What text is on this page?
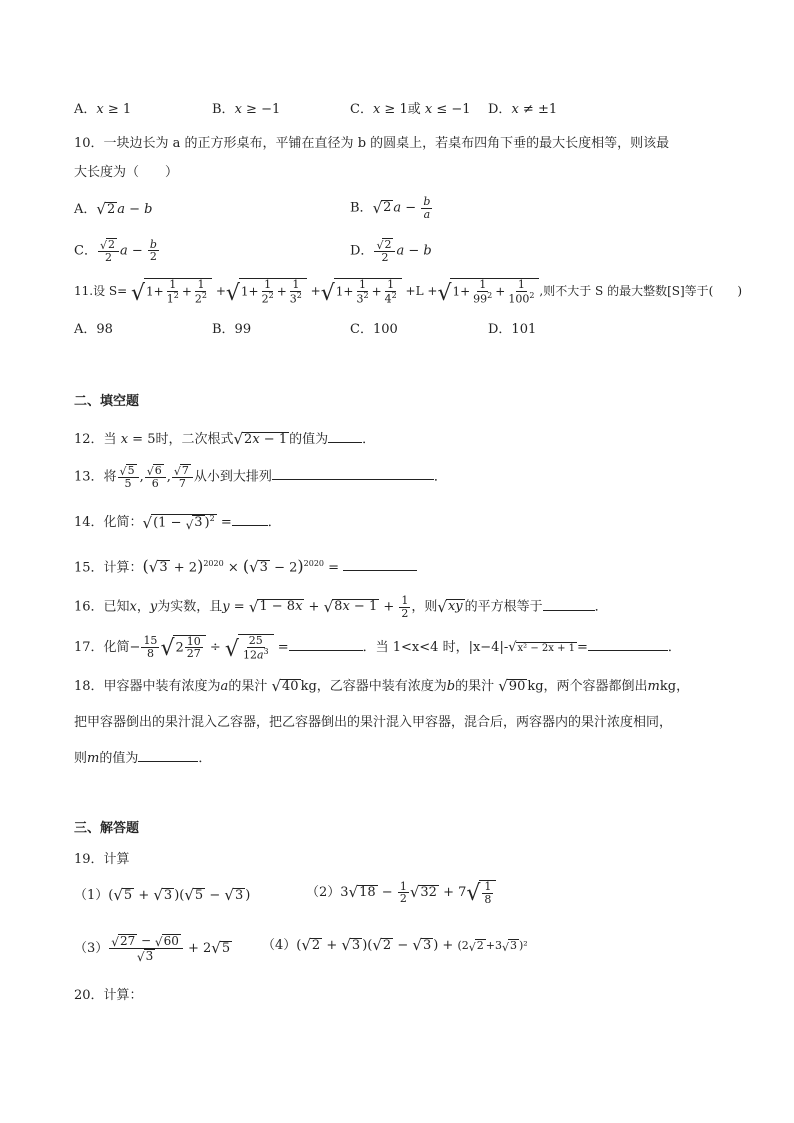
A．x ≥ 1	B．x ≥ −1	C．x ≥ 1或 x ≤ −1 D．x ≠ ±1
10．一块边长为 a 的正方形桌布，平铺在直径为 b 的圆桌上，若桌布四角下垂的最大长度相等，则该最
大长度为（　　）
A． √ 2 a − b	B． √ 2 $a - \frac{b}{a}$
C． $\frac{√ 2}{2}$ $a - \frac{b}{2}$	D． $\frac{√ 2}{2}$ a − b
11.设 S= √ $1+ \frac{1}{1^2} + \frac{1}{2^2}$ + √ $1+ \frac{1}{2^2} + \frac{1}{3^2}$ + √ $1+ \frac{1}{3^2} + \frac{1}{4^2} +L$ + √ $1+ \frac{1}{99^2} + \frac{1}{100^2}$ ,则不大于 S 的最大整数[S]等于(　　)
A．98	B．99	C．100	D．101
二、填空题
12．当 x = 5时，二次根式 √ 2x − 1 的值为	．
13．将 $\frac{√ 5}{5}$ , $\frac{√ 6}{6}$ , $\frac{√ 7}{7}$ 从小到大排列	．
14．化简： √ (1 − √ 3 )$^2$ =	．
15．计算：( √ 3 + 2)$^{2020}$ × ( √ 3 − 2)$^{2020}$ =
16．已知x，y为实数，且y = √ 1 − 8x + √ $8x - 1 + \frac{1}{2}$ ，则 √ xy 的平方根等于	．
17．化简− $\frac{15}{8}$ √ $2 \frac{10}{27}$ ÷ √ $\frac{25}{12a^3}$ =	．当 1<x<4 时，|x−4|- √ x² − 2x + 1 =	．
18．甲容器中装有浓度为a的果汁 √ 40 kg，乙容器中装有浓度为b的果汁 √ 90 kg，两个容器都倒出mkg，
把甲容器倒出的果汁混入乙容器，把乙容器倒出的果汁混入甲容器，混合后，两容器内的果汁浓度相同，
则m的值为	．
三、解答题
19．计算
（1）( √ 5 + √ 3 )( √ 5 − √ 3 )	（2）3 √ $18 - \frac{1}{2}$ √ 32 + 7 √ $\frac{1}{8}$
$(3) \frac{√ 27 - √ 60}{√ 3} + 2$ √ 5 （4）( √ 2 + √ 3 )( √ 2 − √ 3 ) + (2 √ 2 +3 √ 3 )²
20．计算：
